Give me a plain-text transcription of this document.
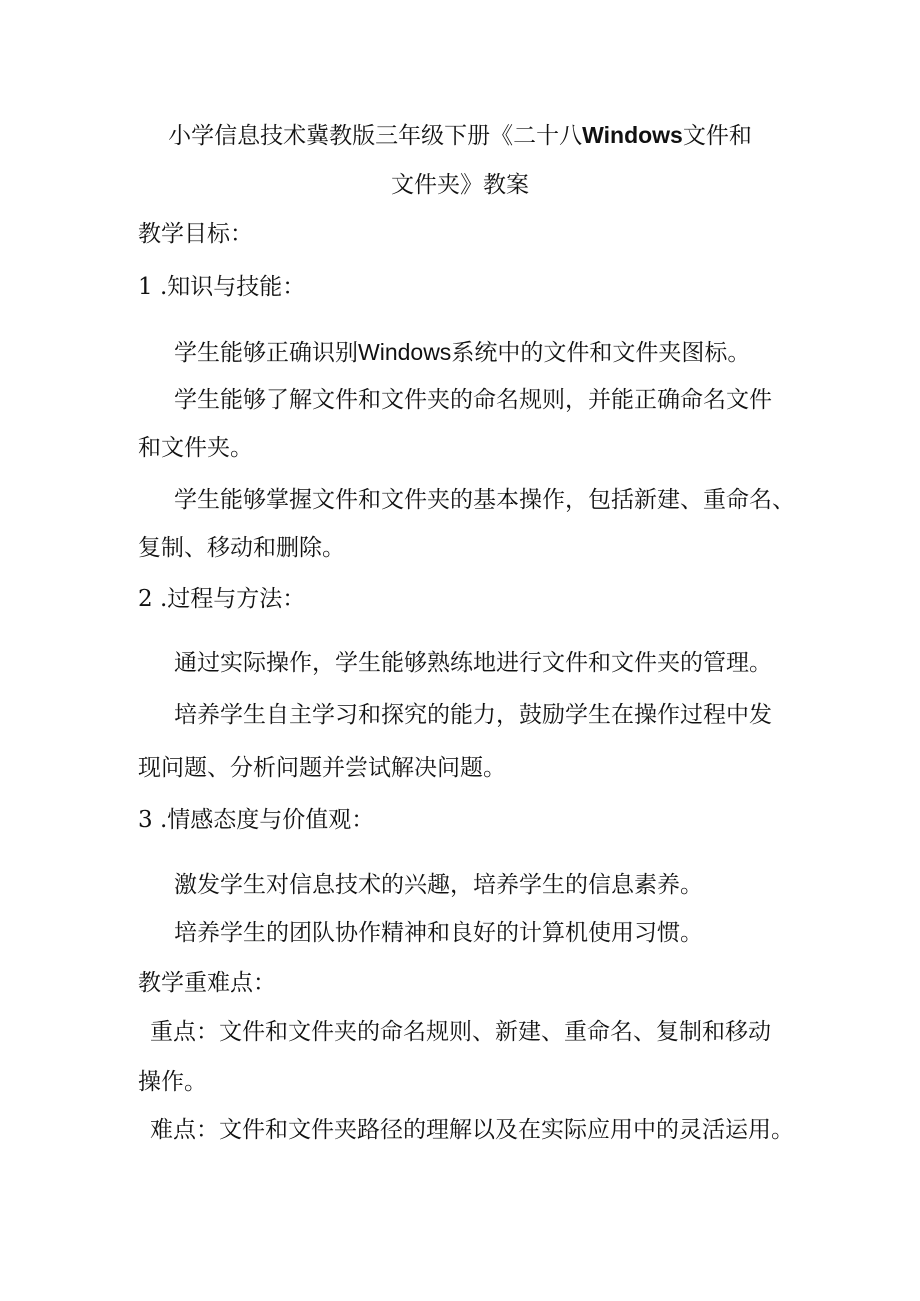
小学信息技术冀教版三年级下册《二十八Windows文件和
文件夹》教案
教学目标：
1 .知识与技能：
学生能够正确识别Windows系统中的文件和文件夹图标。
学生能够了解文件和文件夹的命名规则，并能正确命名文件
和文件夹。
学生能够掌握文件和文件夹的基本操作，包括新建、重命名、
复制、移动和删除。
2 .过程与方法：
通过实际操作，学生能够熟练地进行文件和文件夹的管理。
培养学生自主学习和探究的能力，鼓励学生在操作过程中发
现问题、分析问题并尝试解决问题。
3 .情感态度与价值观：
激发学生对信息技术的兴趣，培养学生的信息素养。
培养学生的团队协作精神和良好的计算机使用习惯。
教学重难点：
重点：文件和文件夹的命名规则、新建、重命名、复制和移动
操作。
难点：文件和文件夹路径的理解以及在实际应用中的灵活运用。
